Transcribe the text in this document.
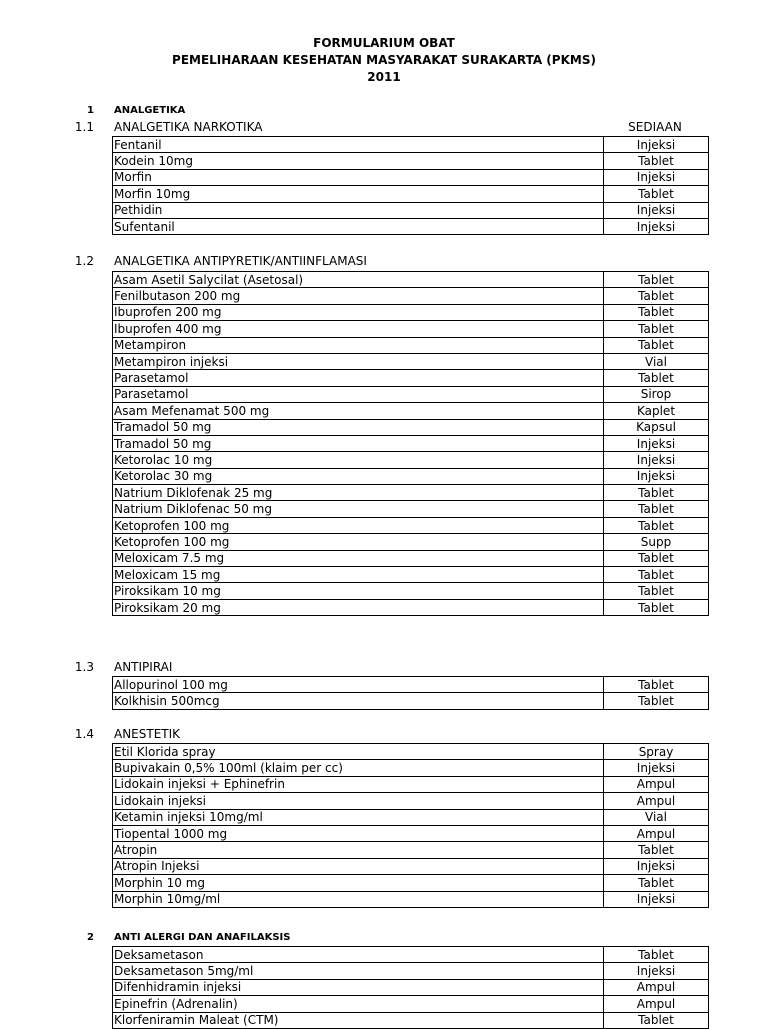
FORMULARIUM OBAT
PEMELIHARAAN KESEHATAN MASYARAKAT SURAKARTA (PKMS)
2011
1 ANALGETIKA
1.1 ANALGETIKA NARKOTIKA	SEDIAAN
Fentanil	Injeksi
Kodein 10mg	Tablet
Morfin	Injeksi
Morfin 10mg	Tablet
Pethidin	Injeksi
Sufentanil	Injeksi
1.2 ANALGETIKA ANTIPYRETIK/ANTIINFLAMASI
Asam Asetil Salycilat (Asetosal)	Tablet
Fenilbutason 200 mg	Tablet
Ibuprofen 200 mg	Tablet
Ibuprofen 400 mg	Tablet
Metampiron	Tablet
Metampiron injeksi	Vial
Parasetamol	Tablet
Parasetamol	Sirop
Asam Mefenamat 500 mg	Kaplet
Tramadol 50 mg	Kapsul
Tramadol 50 mg	Injeksi
Ketorolac 10 mg	Injeksi
Ketorolac 30 mg	Injeksi
Natrium Diklofenak 25 mg	Tablet
Natrium Diklofenac 50 mg	Tablet
Ketoprofen 100 mg	Tablet
Ketoprofen 100 mg	Supp
Meloxicam 7.5 mg	Tablet
Meloxicam 15 mg	Tablet
Piroksikam 10 mg	Tablet
Piroksikam 20 mg	Tablet
1.3 ANTIPIRAI
Allopurinol 100 mg	Tablet
Kolkhisin 500mcg	Tablet
1.4 ANESTETIK
Etil Klorida spray	Spray
Bupivakain 0,5% 100ml (klaim per cc)	Injeksi
Lidokain injeksi + Ephinefrin	Ampul
Lidokain injeksi	Ampul
Ketamin injeksi 10mg/ml	Vial
Tiopental 1000 mg	Ampul
Atropin	Tablet
Atropin Injeksi	Injeksi
Morphin 10 mg	Tablet
Morphin 10mg/ml	Injeksi
2 ANTI ALERGI DAN ANAFILAKSIS
Deksametason	Tablet
Deksametason 5mg/ml	Injeksi
Difenhidramin injeksi	Ampul
Epinefrin (Adrenalin)	Ampul
Klorfeniramin Maleat (CTM)	Tablet
